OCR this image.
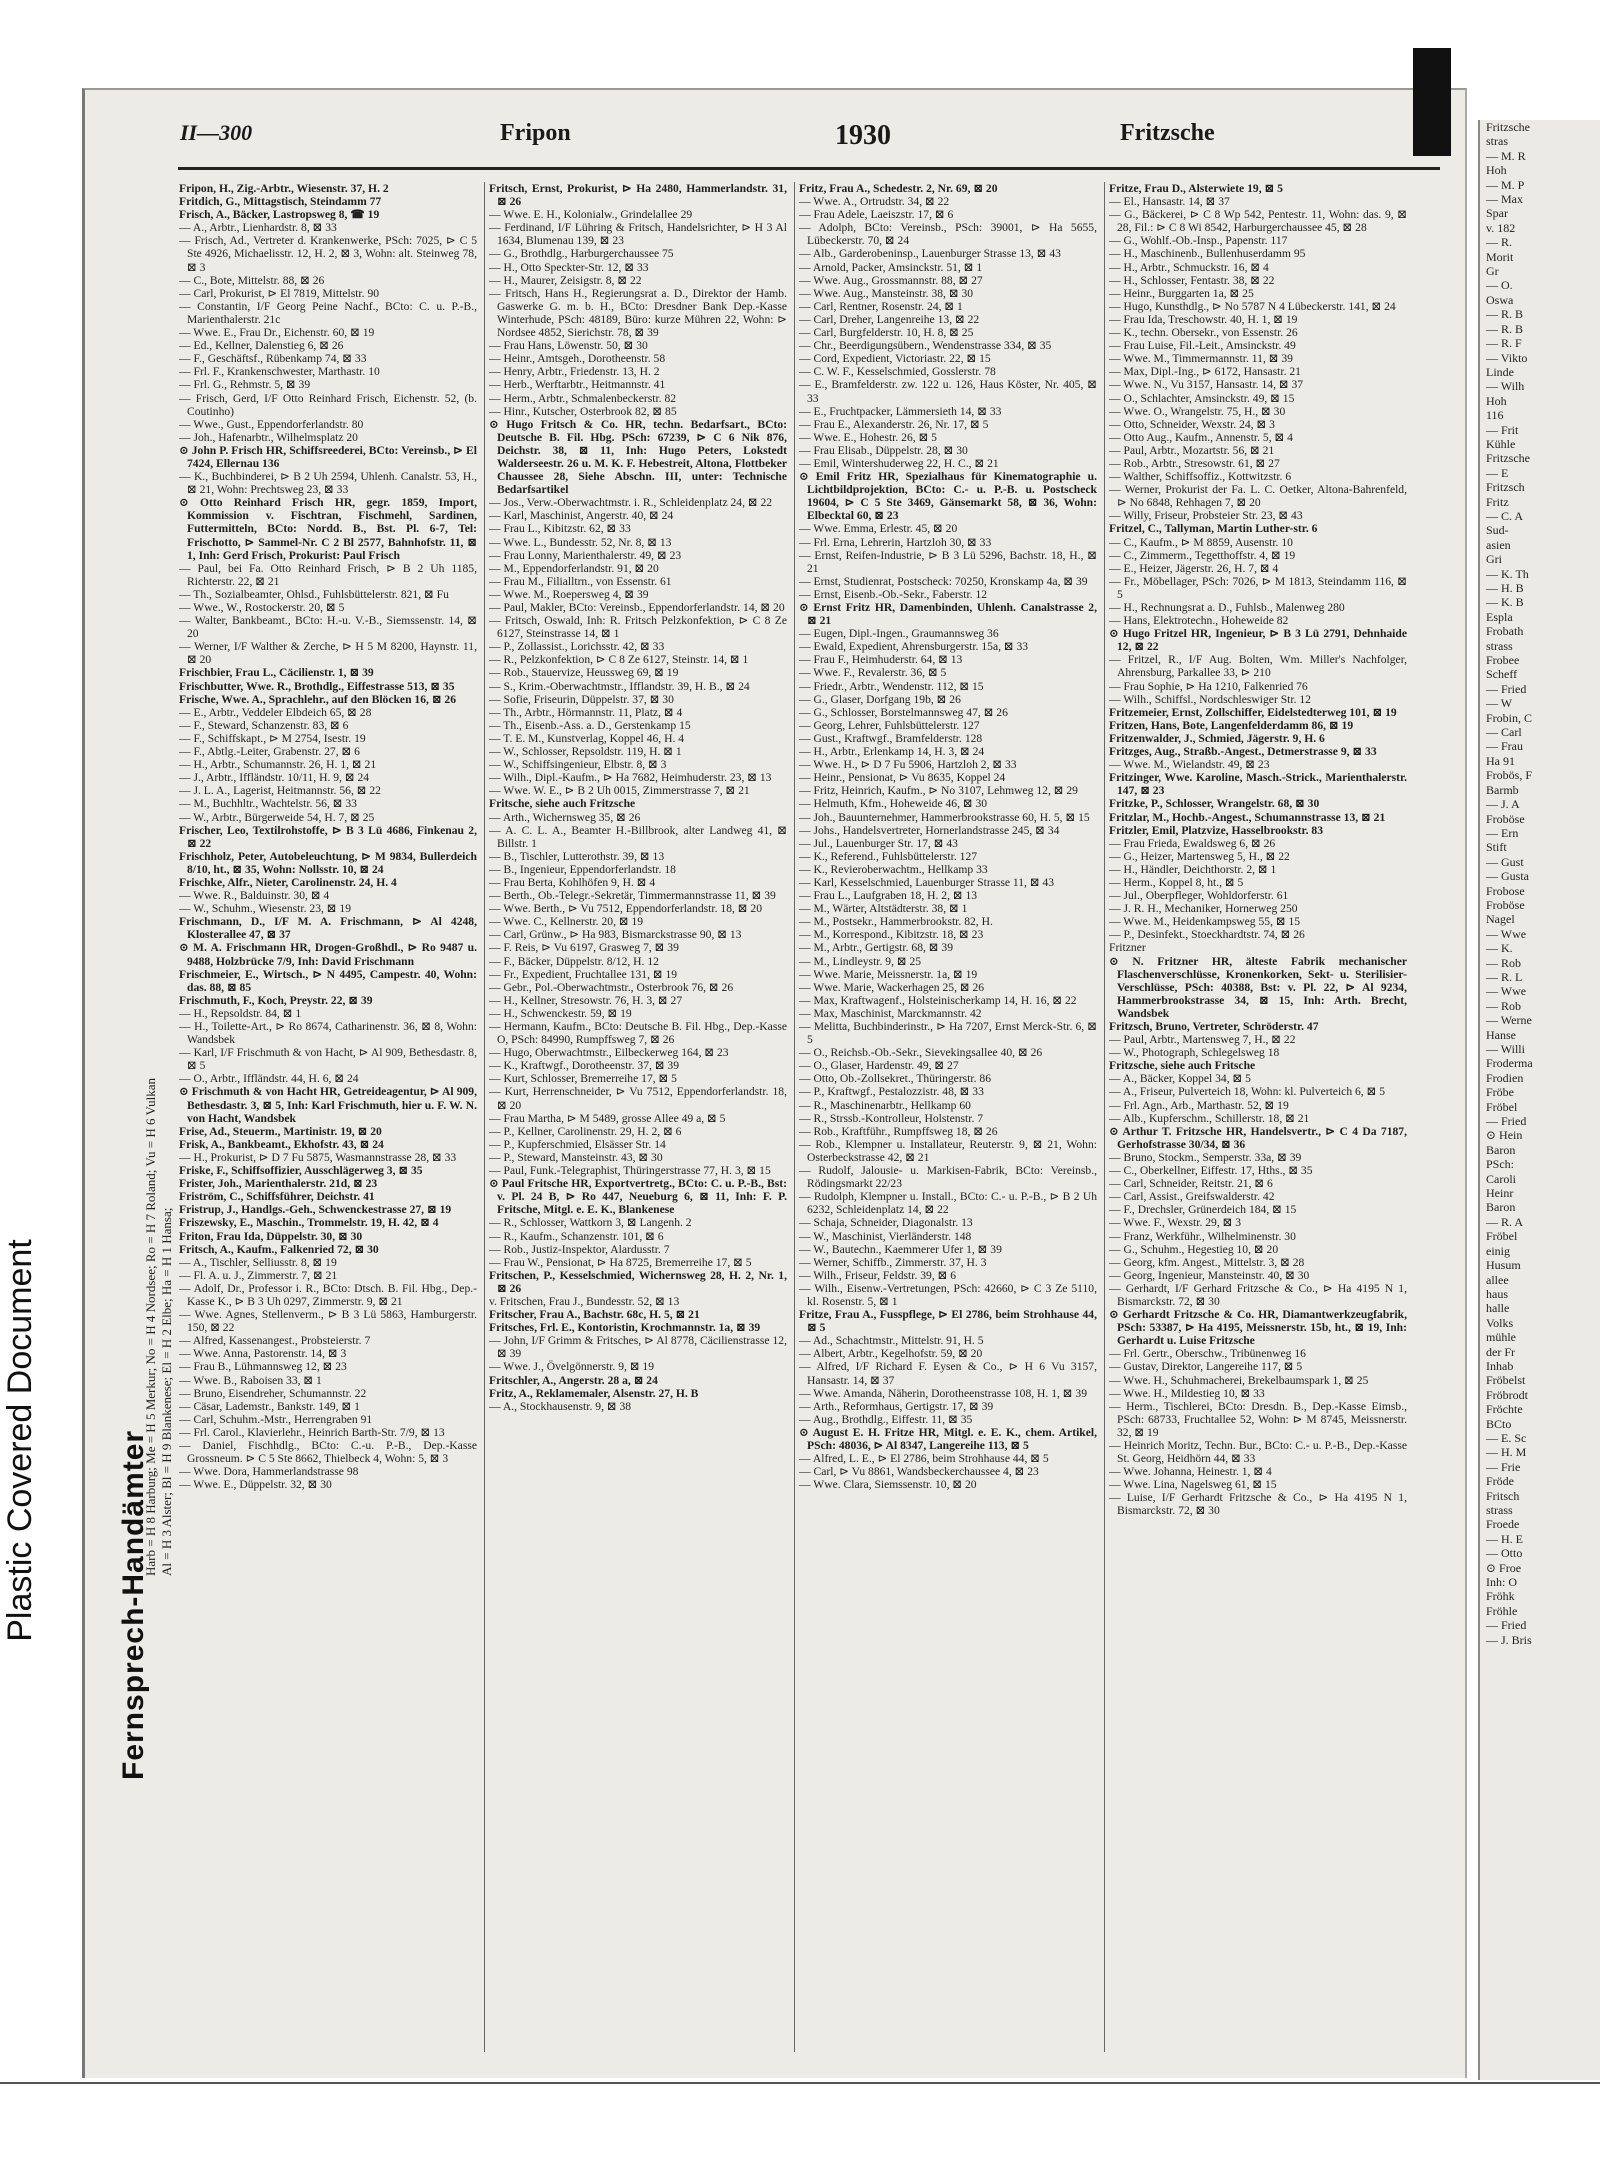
Plastic Covered Document
II—300	Fripon	1930	Fritzsche
Fernsprech-Handämter
Harb = H 8 Harburg; Me = H 5 Merkur; No = H 4 Nordsee; Ro = H 7 Roland; Vu = H 6 Vulkan Al = H 3 Alster; Bl = H 9 Blankenese; El = H 2 Elbe; Ha = H 1 Hansa;

Fripon, H., Zig.-Arbtr., Wiesenstr. 37, H. 2

Fritdich, G., Mittagstisch, Steindamm 77

Frisch, A., Bäcker, Lastropsweg 8, ☎ 19

— A., Arbtr., Lienhardstr. 8, ⊠ 33

— Frisch, Ad., Vertreter d. Krankenwerke, PSch: 7025, ⊳ C 5 Ste 4926, Michaelisstr. 12, H. 2, ⊠ 3, Wohn: alt. Steinweg 78, ⊠ 3

— C., Bote, Mittelstr. 88, ⊠ 26

— Carl, Prokurist, ⊳ El 7819, Mittelstr. 90

— Constantin, I/F Georg Peine Nachf., BCto: C. u. P.-B., Marienthalerstr. 21c

— Wwe. E., Frau Dr., Eichenstr. 60, ⊠ 19

— Ed., Kellner, Dalenstieg 6, ⊠ 26

— F., Geschäftsf., Rübenkamp 74, ⊠ 33

— Frl. F., Krankenschwester, Marthastr. 10

— Frl. G., Rehmstr. 5, ⊠ 39

— Frisch, Gerd, I/F Otto Reinhard Frisch, Eichenstr. 52, (b. Coutinho)

— Wwe., Gust., Eppendorferlandstr. 80

— Joh., Hafenarbtr., Wilhelmsplatz 20

⊙ John P. Frisch HR, Schiffsreederei, BCto: Vereinsb., ⊳ El 7424, Ellernau 136

— K., Buchbinderei, ⊳ B 2 Uh 2594, Uhlenh. Canalstr. 53, H., ⊠ 21, Wohn: Prechtsweg 23, ⊠ 33

⊙ Otto Reinhard Frisch HR, gegr. 1859, Import, Kommission v. Fischtran, Fischmehl, Sardinen, Futtermitteln, BCto: Nordd. B., Bst. Pl. 6-7, Tel: Frischotto, ⊳ Sammel-Nr. C 2 Bl 2577, Bahnhofstr. 11, ⊠ 1, Inh: Gerd Frisch, Prokurist: Paul Frisch

— Paul, bei Fa. Otto Reinhard Frisch, ⊳ B 2 Uh 1185, Richterstr. 22, ⊠ 21

— Th., Sozialbeamter, Ohlsd., Fuhlsbüttelerstr. 821, ⊠ Fu

— Wwe., W., Rostockerstr. 20, ⊠ 5

— Walter, Bankbeamt., BCto: H.-u. V.-B., Siemssenstr. 14, ⊠ 20

— Werner, I/F Walther & Zerche, ⊳ H 5 M 8200, Haynstr. 11, ⊠ 20

Frischbier, Frau L., Cäcilienstr. 1, ⊠ 39

Frischbutter, Wwe. R., Brothdlg., Eiffestrasse 513, ⊠ 35

Frische, Wwe. A., Sprachlehr., auf den Blöcken 16, ⊠ 26

— E., Arbtr., Veddeler Elbdeich 65, ⊠ 28

— F., Steward, Schanzenstr. 83, ⊠ 6

— F., Schiffskapt., ⊳ M 2754, Isestr. 19

— F., Abtlg.-Leiter, Grabenstr. 27, ⊠ 6

— H., Arbtr., Schumannstr. 26, H. 1, ⊠ 21

— J., Arbtr., Iffländstr. 10/11, H. 9, ⊠ 24

— J. L. A., Lagerist, Heitmannstr. 56, ⊠ 22

— M., Buchhltr., Wachtelstr. 56, ⊠ 33

— W., Arbtr., Bürgerweide 54, H. 7, ⊠ 25

Frischer, Leo, Textilrohstoffe, ⊳ B 3 Lü 4686, Finkenau 2, ⊠ 22

Frischholz, Peter, Autobeleuchtung, ⊳ M 9834, Bullerdeich 8/10, ht., ⊠ 35, Wohn: Nollsstr. 10, ⊠ 24

Frischke, Alfr., Nieter, Carolinenstr. 24, H. 4

— Wwe. R., Balduinstr. 30, ⊠ 4

— W., Schuhm., Wiesenstr. 23, ⊠ 19

Frischmann, D., I/F M. A. Frischmann, ⊳ Al 4248, Klosterallee 47, ⊠ 37

⊙ M. A. Frischmann HR, Drogen-Großhdl., ⊳ Ro 9487 u. 9488, Holzbrücke 7/9, Inh: David Frischmann

Frischmeier, E., Wirtsch., ⊳ N 4495, Campestr. 40, Wohn: das. 88, ⊠ 85

Frischmuth, F., Koch, Preystr. 22, ⊠ 39

— H., Repsoldstr. 84, ⊠ 1

— H., Toilette-Art., ⊳ Ro 8674, Catharinenstr. 36, ⊠ 8, Wohn: Wandsbek

— Karl, I/F Frischmuth & von Hacht, ⊳ Al 909, Bethesdastr. 8, ⊠ 5

— O., Arbtr., Iffländstr. 44, H. 6, ⊠ 24

⊙ Frischmuth & von Hacht HR, Getreideagentur, ⊳ Al 909, Bethesdastr. 3, ⊠ 5, Inh: Karl Frischmuth, hier u. F. W. N. von Hacht, Wandsbek

Frise, Ad., Steuerm., Martinistr. 19, ⊠ 20

Frisk, A., Bankbeamt., Ekhofstr. 43, ⊠ 24

— H., Prokurist, ⊳ D 7 Fu 5875, Wasmannstrasse 28, ⊠ 33

Friske, F., Schiffsoffizier, Ausschlägerweg 3, ⊠ 35

Frister, Joh., Marienthalerstr. 21d, ⊠ 23

Friström, C., Schiffsführer, Deichstr. 41

Fristrup, J., Handlgs.-Geh., Schwenckestrasse 27, ⊠ 19

Friszewsky, E., Maschin., Trommelstr. 19, H. 42, ⊠ 4

Friton, Frau Ida, Düppelstr. 30, ⊠ 30

Fritsch, A., Kaufm., Falkenried 72, ⊠ 30

— A., Tischler, Selliusstr. 8, ⊠ 19

— Fl. A. u. J., Zimmerstr. 7, ⊠ 21

— Adolf, Dr., Professor i. R., BCto: Dtsch. B. Fil. Hbg., Dep.-Kasse K., ⊳ B 3 Uh 0297, Zimmerstr. 9, ⊠ 21

— Wwe. Agnes, Stellenverm., ⊳ B 3 Lü 5863, Hamburgerstr. 150, ⊠ 22

— Alfred, Kassenangest., Probsteierstr. 7

— Wwe. Anna, Pastorenstr. 14, ⊠ 3

— Frau B., Lühmannsweg 12, ⊠ 23

— Wwe. B., Raboisen 33, ⊠ 1

— Bruno, Eisendreher, Schumannstr. 22

— Cäsar, Lademstr., Bankstr. 149, ⊠ 1

— Carl, Schuhm.-Mstr., Herrengraben 91

— Frl. Carol., Klavierlehr., Heinrich Barth-Str. 7/9, ⊠ 13

— Daniel, Fischhdlg., BCto: C.-u. P.-B., Dep.-Kasse Grossneum. ⊳ C 5 Ste 8662, Thielbeck 4, Wohn: 5, ⊠ 3

— Wwe. Dora, Hammerlandstrasse 98

— Wwe. E., Düppelstr. 32, ⊠ 30

Fritsch, Ernst, Prokurist, ⊳ Ha 2480, Hammerlandstr. 31, ⊠ 26

— Wwe. E. H., Kolonialw., Grindelallee 29

— Ferdinand, I/F Lühring & Fritsch, Handelsrichter, ⊳ H 3 Al 1634, Blumenau 139, ⊠ 23

— G., Brothdlg., Harburgerchaussee 75

— H., Otto Speckter-Str. 12, ⊠ 33

— H., Maurer, Zeisigstr. 8, ⊠ 22

— Fritsch, Hans H., Regierungsrat a. D., Direktor der Hamb. Gaswerke G. m. b. H., BCto: Dresdner Bank Dep.-Kasse Winterhude, PSch: 48189, Büro: kurze Mühren 22, Wohn: ⊳ Nordsee 4852, Sierichstr. 78, ⊠ 39

— Frau Hans, Löwenstr. 50, ⊠ 30

— Heinr., Amtsgeh., Dorotheenstr. 58

— Henry, Arbtr., Friedenstr. 13, H. 2

— Herb., Werftarbtr., Heitmannstr. 41

— Herm., Arbtr., Schmalenbeckerstr. 82

— Hinr., Kutscher, Osterbrook 82, ⊠ 85

⊙ Hugo Fritsch & Co. HR, techn. Bedarfsart., BCto: Deutsche B. Fil. Hbg. PSch: 67239, ⊳ C 6 Nik 876, Deichstr. 38, ⊠ 11, Inh: Hugo Peters, Lokstedt Walderseestr. 26 u. M. K. F. Hebestreit, Altona, Flottbeker Chaussee 28, Siehe Abschn. III, unter: Technische Bedarfsartikel

— Jos., Verw.-Oberwachtmstr. i. R., Schleidenplatz 24, ⊠ 22

— Karl, Maschinist, Angerstr. 40, ⊠ 24

— Frau L., Kibitzstr. 62, ⊠ 33

— Wwe. L., Bundesstr. 52, Nr. 8, ⊠ 13

— Frau Lonny, Marienthalerstr. 49, ⊠ 23

— M., Eppendorferlandstr. 91, ⊠ 20

— Frau M., Filialltrn., von Essenstr. 61

— Wwe. M., Roepersweg 4, ⊠ 39

— Paul, Makler, BCto: Vereinsb., Eppendorferlandstr. 14, ⊠ 20

— Fritsch, Oswald, Inh: R. Fritsch Pelzkonfektion, ⊳ C 8 Ze 6127, Steinstrasse 14, ⊠ 1

— P., Zollassist., Lorichsstr. 42, ⊠ 33

— R., Pelzkonfektion, ⊳ C 8 Ze 6127, Steinstr. 14, ⊠ 1

— Rob., Stauervize, Heussweg 69, ⊠ 19

— S., Krim.-Oberwachtmstr., Ifflandstr. 39, H. B., ⊠ 24

— Sofie, Friseurin, Düppelstr. 37, ⊠ 30

— Th., Arbtr., Hörmannstr. 11, Platz, ⊠ 4

— Th., Eisenb.-Ass. a. D., Gerstenkamp 15

— T. E. M., Kunstverlag, Koppel 46, H. 4

— W., Schlosser, Repsoldstr. 119, H. ⊠ 1

— W., Schiffsingenieur, Elbstr. 8, ⊠ 3

— Wilh., Dipl.-Kaufm., ⊳ Ha 7682, Heimhuderstr. 23, ⊠ 13

— Wwe. W. E., ⊳ B 2 Uh 0015, Zimmerstrasse 7, ⊠ 21

Fritsche, siehe auch Fritzsche

— Arth., Wichernsweg 35, ⊠ 26

— A. C. L. A., Beamter H.-Billbrook, alter Landweg 41, ⊠ Billstr. 1

— B., Tischler, Lutterothstr. 39, ⊠ 13

— B., Ingenieur, Eppendorferlandstr. 18

— Frau Berta, Kohlhöfen 9, H. ⊠ 4

— Berth., Ob.-Telegr.-Sekretär, Timmermannstrasse 11, ⊠ 39

— Wwe. Berth., ⊳ Vu 7512, Eppendorferlandstr. 18, ⊠ 20

— Wwe. C., Kellnerstr. 20, ⊠ 19

— Carl, Grünw., ⊳ Ha 983, Bismarckstrasse 90, ⊠ 13

— F. Reis, ⊳ Vu 6197, Grasweg 7, ⊠ 39

— F., Bäcker, Düppelstr. 8/12, H. 12

— Fr., Expedient, Fruchtallee 131, ⊠ 19

— Gebr., Pol.-Oberwachtmstr., Osterbrook 76, ⊠ 26

— H., Kellner, Stresowstr. 76, H. 3, ⊠ 27

— H., Schwenckestr. 59, ⊠ 19

— Hermann, Kaufm., BCto: Deutsche B. Fil. Hbg., Dep.-Kasse O, PSch: 84990, Rumpffsweg 7, ⊠ 26

— Hugo, Oberwachtmstr., Eilbeckerweg 164, ⊠ 23

— K., Kraftwgf., Dorotheenstr. 37, ⊠ 39

— Kurt, Schlosser, Bremerreihe 17, ⊠ 5

— Kurt, Herrenschneider, ⊳ Vu 7512, Eppendorferlandstr. 18, ⊠ 20

— Frau Martha, ⊳ M 5489, grosse Allee 49 a, ⊠ 5

— P., Kellner, Carolinenstr. 29, H. 2, ⊠ 6

— P., Kupferschmied, Elsässer Str. 14

— P., Steward, Mansteinstr. 43, ⊠ 30

— Paul, Funk.-Telegraphist, Thüringerstrasse 77, H. 3, ⊠ 15

⊙ Paul Fritsche HR, Exportvertretg., BCto: C. u. P.-B., Bst: v. Pl. 24 B, ⊳ Ro 447, Neueburg 6, ⊠ 11, Inh: F. P. Fritsche, Mitgl. e. E. K., Blankenese

— R., Schlosser, Wattkorn 3, ⊠ Langenh. 2

— R., Kaufm., Schanzenstr. 101, ⊠ 6

— Rob., Justiz-Inspektor, Alardusstr. 7

— Frau W., Pensionat, ⊳ Ha 8725, Bremerreihe 17, ⊠ 5

Fritschen, P., Kesselschmied, Wichernsweg 28, H. 2, Nr. 1, ⊠ 26

v. Fritschen, Frau J., Bundesstr. 52, ⊠ 13

Fritscher, Frau A., Bachstr. 68c, H. 5, ⊠ 21

Fritsches, Frl. E., Kontoristin, Krochmannstr. 1a, ⊠ 39

— John, I/F Grimm & Fritsches, ⊳ Al 8778, Cäcilienstrasse 12, ⊠ 39

— Wwe. J., Övelgönnerstr. 9, ⊠ 19

Fritschler, A., Angerstr. 28 a, ⊠ 24

Fritz, A., Reklamemaler, Alsenstr. 27, H. B

— A., Stockhausenstr. 9, ⊠ 38

Fritz, Frau A., Schedestr. 2, Nr. 69, ⊠ 20

— Wwe. A., Ortrudstr. 34, ⊠ 22

— Frau Adele, Laeiszstr. 17, ⊠ 6

— Adolph, BCto: Vereinsb., PSch: 39001, ⊳ Ha 5655, Lübeckerstr. 70, ⊠ 24

— Alb., Garderobeninsp., Lauenburger Strasse 13, ⊠ 43

— Arnold, Packer, Amsinckstr. 51, ⊠ 1

— Wwe. Aug., Grossmannstr. 88, ⊠ 27

— Wwe. Aug., Mansteinstr. 38, ⊠ 30

— Carl, Rentner, Rosenstr. 24, ⊠ 1

— Carl, Dreher, Langenreihe 13, ⊠ 22

— Carl, Burgfelderstr. 10, H. 8, ⊠ 25

— Chr., Beerdigungsübern., Wendenstrasse 334, ⊠ 35

— Cord, Expedient, Victoriastr. 22, ⊠ 15

— C. W. F., Kesselschmied, Gosslerstr. 78

— E., Bramfelderstr. zw. 122 u. 126, Haus Köster, Nr. 405, ⊠ 33

— E., Fruchtpacker, Lämmersieth 14, ⊠ 33

— Frau E., Alexanderstr. 26, Nr. 17, ⊠ 5

— Wwe. E., Hohestr. 26, ⊠ 5

— Frau Elisab., Düppelstr. 28, ⊠ 30

— Emil, Wintershuderweg 22, H. C., ⊠ 21

⊙ Emil Fritz HR, Spezialhaus für Kinematographie u. Lichtbildprojektion, BCto: C.- u. P.-B. u. Postscheck 19604, ⊳ C 5 Ste 3469, Gänsemarkt 58, ⊠ 36, Wohn: Elbecktal 60, ⊠ 23

— Wwe. Emma, Erlestr. 45, ⊠ 20

— Frl. Erna, Lehrerin, Hartzloh 30, ⊠ 33

— Ernst, Reifen-Industrie, ⊳ B 3 Lü 5296, Bachstr. 18, H., ⊠ 21

— Ernst, Studienrat, Postscheck: 70250, Kronskamp 4a, ⊠ 39

— Ernst, Eisenb.-Ob.-Sekr., Faberstr. 12

⊙ Ernst Fritz HR, Damenbinden, Uhlenh. Canalstrasse 2, ⊠ 21

— Eugen, Dipl.-Ingen., Graumannsweg 36

— Ewald, Expedient, Ahrensburgerstr. 15a, ⊠ 33

— Frau F., Heimhuderstr. 64, ⊠ 13

— Wwe. F., Revalerstr. 36, ⊠ 5

— Friedr., Arbtr., Wendenstr. 112, ⊠ 15

— G., Glaser, Dorfgang 19b, ⊠ 26

— G., Schlosser, Borstelmannsweg 47, ⊠ 26

— Georg, Lehrer, Fuhlsbüttelerstr. 127

— Gust., Kraftwgf., Bramfelderstr. 128

— H., Arbtr., Erlenkamp 14, H. 3, ⊠ 24

— Wwe. H., ⊳ D 7 Fu 5906, Hartzloh 2, ⊠ 33

— Heinr., Pensionat, ⊳ Vu 8635, Koppel 24

— Fritz, Heinrich, Kaufm., ⊳ No 3107, Lehmweg 12, ⊠ 29

— Helmuth, Kfm., Hoheweide 46, ⊠ 30

— Joh., Bauunternehmer, Hammerbrookstrasse 60, H. 5, ⊠ 15

— Johs., Handelsvertreter, Hornerlandstrasse 245, ⊠ 34

— Jul., Lauenburger Str. 17, ⊠ 43

— K., Referend., Fuhlsbüttelerstr. 127

— K., Revieroberwachtm., Hellkamp 33

— Karl, Kesselschmied, Lauenburger Strasse 11, ⊠ 43

— Frau L., Laufgraben 18, H. 2, ⊠ 13

— M., Wärter, Altstädterstr. 38, ⊠ 1

— M., Postsekr., Hammerbrookstr. 82, H.

— M., Korrespond., Kibitzstr. 18, ⊠ 23

— M., Arbtr., Gertigstr. 68, ⊠ 39

— M., Lindleystr. 9, ⊠ 25

— Wwe. Marie, Meissnerstr. 1a, ⊠ 19

— Wwe. Marie, Wackerhagen 25, ⊠ 26

— Max, Kraftwagenf., Holsteinischerkamp 14, H. 16, ⊠ 22

— Max, Maschinist, Marckmannstr. 42

— Melitta, Buchbinderinstr., ⊳ Ha 7207, Ernst Merck-Str. 6, ⊠ 5

— O., Reichsb.-Ob.-Sekr., Sievekingsallee 40, ⊠ 26

— O., Glaser, Hardenstr. 49, ⊠ 27

— Otto, Ob.-Zollsekret., Thüringerstr. 86

— P., Kraftwgf., Pestalozzistr. 48, ⊠ 33

— R., Maschinenarbtr., Hellkamp 60

— R., Strssb.-Kontrolleur, Holstenstr. 7

— Rob., Kraftführ., Rumpffsweg 18, ⊠ 26

— Rob., Klempner u. Installateur, Reuterstr. 9, ⊠ 21, Wohn: Osterbeckstrasse 42, ⊠ 21

— Rudolf, Jalousie- u. Markisen-Fabrik, BCto: Vereinsb., Rödingsmarkt 22/23

— Rudolph, Klempner u. Install., BCto: C.- u. P.-B., ⊳ B 2 Uh 6232, Schleidenplatz 14, ⊠ 22

— Schaja, Schneider, Diagonalstr. 13

— W., Maschinist, Vierländerstr. 148

— W., Bautechn., Kaemmerer Ufer 1, ⊠ 39

— Werner, Schiffb., Zimmerstr. 37, H. 3

— Wilh., Friseur, Feldstr. 39, ⊠ 6

— Wilh., Eisenw.-Vertretungen, PSch: 42660, ⊳ C 3 Ze 5110, kl. Rosenstr. 5, ⊠ 1

Fritze, Frau A., Fusspflege, ⊳ El 2786, beim Strohhause 44, ⊠ 5

— Ad., Schachtmstr., Mittelstr. 91, H. 5

— Albert, Arbtr., Kegelhofstr. 59, ⊠ 20

— Alfred, I/F Richard F. Eysen & Co., ⊳ H 6 Vu 3157, Hansastr. 14, ⊠ 37

— Wwe. Amanda, Näherin, Dorotheenstrasse 108, H. 1, ⊠ 39

— Arth., Reformhaus, Gertigstr. 17, ⊠ 39

— Aug., Brothdlg., Eiffestr. 11, ⊠ 35

⊙ August E. H. Fritze HR, Mitgl. e. E. K., chem. Artikel, PSch: 48036, ⊳ Al 8347, Langereihe 113, ⊠ 5

— Alfred, L. E., ⊳ El 2786, beim Strohhause 44, ⊠ 5

— Carl, ⊳ Vu 8861, Wandsbeckerchaussee 4, ⊠ 23

— Wwe. Clara, Siemssenstr. 10, ⊠ 20

Fritze, Frau D., Alsterwiete 19, ⊠ 5

— El., Hansastr. 14, ⊠ 37

— G., Bäckerei, ⊳ C 8 Wp 542, Pentestr. 11, Wohn: das. 9, ⊠ 28, Fil.: ⊳ C 8 Wi 8542, Harburgerchaussee 45, ⊠ 28

— G., Wohlf.-Ob.-Insp., Papenstr. 117

— H., Maschinenb., Bullenhuserdamm 95

— H., Arbtr., Schmuckstr. 16, ⊠ 4

— H., Schlosser, Fentastr. 38, ⊠ 22

— Heinr., Burggarten 1a, ⊠ 25

— Hugo, Kunsthdlg., ⊳ No 5787 N 4 Lübeckerstr. 141, ⊠ 24

— Frau Ida, Treschowstr. 40, H. 1, ⊠ 19

— K., techn. Obersekr., von Essenstr. 26

— Frau Luise, Fil.-Leit., Amsinckstr. 49

— Wwe. M., Timmermannstr. 11, ⊠ 39

— Max, Dipl.-Ing., ⊳ 6172, Hansastr. 21

— Wwe. N., Vu 3157, Hansastr. 14, ⊠ 37

— O., Schlachter, Amsinckstr. 49, ⊠ 15

— Wwe. O., Wrangelstr. 75, H., ⊠ 30

— Otto, Schneider, Wexstr. 24, ⊠ 3

— Otto Aug., Kaufm., Annenstr. 5, ⊠ 4

— Paul, Arbtr., Mozartstr. 56, ⊠ 21

— Rob., Arbtr., Stresowstr. 61, ⊠ 27

— Walther, Schiffsoffiz., Kottwitzstr. 6

— Werner, Prokurist der Fa. L. C. Oetker, Altona-Bahrenfeld, ⊳ No 6848, Rehhagen 7, ⊠ 20

— Willy, Friseur, Probsteier Str. 23, ⊠ 43

Fritzel, C., Tallyman, Martin Luther-str. 6

— C., Kaufm., ⊳ M 8859, Ausenstr. 10

— C., Zimmerm., Tegetthoffstr. 4, ⊠ 19

— E., Heizer, Jägerstr. 26, H. 7, ⊠ 4

— Fr., Möbellager, PSch: 7026, ⊳ M 1813, Steindamm 116, ⊠ 5

— H., Rechnungsrat a. D., Fuhlsb., Malenweg 280

— Hans, Elektrotechn., Hoheweide 82

⊙ Hugo Fritzel HR, Ingenieur, ⊳ B 3 Lü 2791, Dehnhaide 12, ⊠ 22

— Fritzel, R., I/F Aug. Bolten, Wm. Miller's Nachfolger, Ahrensburg, Parkallee 33, ⊳ 210

— Frau Sophie, ⊳ Ha 1210, Falkenried 76

— Wilh., Schiffsl., Nordschleswiger Str. 12

Fritzemeier, Ernst, Zollschiffer, Eidelstedterweg 101, ⊠ 19

Fritzen, Hans, Bote, Langenfelderdamm 86, ⊠ 19

Fritzenwalder, J., Schmied, Jägerstr. 9, H. 6

Fritzges, Aug., Straßb.-Angest., Detmerstrasse 9, ⊠ 33

— Wwe. M., Wielandstr. 49, ⊠ 23

Fritzinger, Wwe. Karoline, Masch.-Strick., Marienthalerstr. 147, ⊠ 23

Fritzke, P., Schlosser, Wrangelstr. 68, ⊠ 30

Fritzlar, M., Hochb.-Angest., Schumannstrasse 13, ⊠ 21

Fritzler, Emil, Platzvize, Hasselbrookstr. 83

— Frau Frieda, Ewaldsweg 6, ⊠ 26

— G., Heizer, Martensweg 5, H., ⊠ 22

— H., Händler, Deichthorstr. 2, ⊠ 1

— Herm., Koppel 8, ht., ⊠ 5

— Jul., Oberpfleger, Wohldorferstr. 61

— J. R. H., Mechaniker, Hornerweg 250

— Wwe. M., Heidenkampsweg 55, ⊠ 15

— P., Desinfekt., Stoeckhardtstr. 74, ⊠ 26

Fritzner

⊙ N. Fritzner HR, älteste Fabrik mechanischer Flaschenverschlüsse, Kronenkorken, Sekt- u. Sterilisier-Verschlüsse, PSch: 40388, Bst: v. Pl. 22, ⊳ Al 9234, Hammerbrookstrasse 34, ⊠ 15, Inh: Arth. Brecht, Wandsbek

Fritzsch, Bruno, Vertreter, Schröderstr. 47

— Paul, Arbtr., Martensweg 7, H., ⊠ 22

— W., Photograph, Schlegelsweg 18

Fritzsche, siehe auch Fritsche

— A., Bäcker, Koppel 34, ⊠ 5

— A., Friseur, Pulverteich 18, Wohn: kl. Pulverteich 6, ⊠ 5

— Frl. Agn., Arb., Marthastr. 52, ⊠ 19

— Alb., Kupferschm., Schillerstr. 18, ⊠ 21

⊙ Arthur T. Fritzsche HR, Handelsvertr., ⊳ C 4 Da 7187, Gerhofstrasse 30/34, ⊠ 36

— Bruno, Stockm., Semperstr. 33a, ⊠ 39

— C., Oberkellner, Eiffestr. 17, Hths., ⊠ 35

— Carl, Schneider, Reitstr. 21, ⊠ 6

— Carl, Assist., Greifswalderstr. 42

— F., Drechsler, Grünerdeich 184, ⊠ 15

— Wwe. F., Wexstr. 29, ⊠ 3

— Franz, Werkführ., Wilhelminenstr. 30

— G., Schuhm., Hegestieg 10, ⊠ 20

— Georg, kfm. Angest., Mittelstr. 3, ⊠ 28

— Georg, Ingenieur, Mansteinstr. 40, ⊠ 30

— Gerhardt, I/F Gerhard Fritzsche & Co., ⊳ Ha 4195 N 1, Bismarckstr. 72, ⊠ 30

⊙ Gerhardt Fritzsche & Co. HR, Diamantwerkzeugfabrik, PSch: 53387, ⊳ Ha 4195, Meissnerstr. 15b, ht., ⊠ 19, Inh: Gerhardt u. Luise Fritzsche

— Frl. Gertr., Oberschw., Tribünenweg 16

— Gustav, Direktor, Langereihe 117, ⊠ 5

— Wwe. H., Schuhmacherei, Brekelbaumspark 1, ⊠ 25

— Wwe. H., Mildestieg 10, ⊠ 33

— Herm., Tischlerei, BCto: Dresdn. B., Dep.-Kasse Eimsb., PSch: 68733, Fruchtallee 52, Wohn: ⊳ M 8745, Meissnerstr. 32, ⊠ 19

— Heinrich Moritz, Techn. Bur., BCto: C.- u. P.-B., Dep.-Kasse St. Georg, Heidhörn 44, ⊠ 33

— Wwe. Johanna, Heinestr. 1, ⊠ 4

— Wwe. Lina, Nagelsweg 61, ⊠ 15

— Luise, I/F Gerhardt Fritzsche & Co., ⊳ Ha 4195 N 1, Bismarckstr. 72, ⊠ 30

Fritzsche
stras
— M. R
Hoh
— M. P
— Max
Spar
v. 182
— R.
Morit
Gr
— O.
Oswa
— R. B
— R. B
— R. F
— Vikto
Linde
— Wilh
Hoh
116
— Frit
Kühle
Fritzsche
— E
Fritzsch
Fritz
— C. A
Sud-
asien
Gri
— K. Th
— H. B
— K. B
Espla
Frobath
strass
Frobee
Scheff
— Fried
— W
Frobin, C
— Carl
— Frau
Ha 91
Frobös, F
Barmb
— J. A
Froböse
— Ern
Stift
— Gust
— Gusta
Frobose
Froböse
Nagel
— Wwe
— K.
— Rob
— R. L
— Wwe
— Rob
— Werne
Hanse
— Willi
Froderma
Frodien
Fröbe
Fröbel
— Fried
⊙ Hein
Baron
PSch:
Caroli
Heinr
Baron
— R. A
Fröbel
einig
Husum
allee
haus
halle
Volks
mühle
der Fr
Inhab
Fröbelst
Fröbrodt
Fröchte
BCto
— E. Sc
— H. M
— Frie
Fröde
Fritsch
strass
Froede
— H. E
— Otto
⊙ Froe
Inh: O
Fröhk
Fröhle
— Fried
— J. Bris
